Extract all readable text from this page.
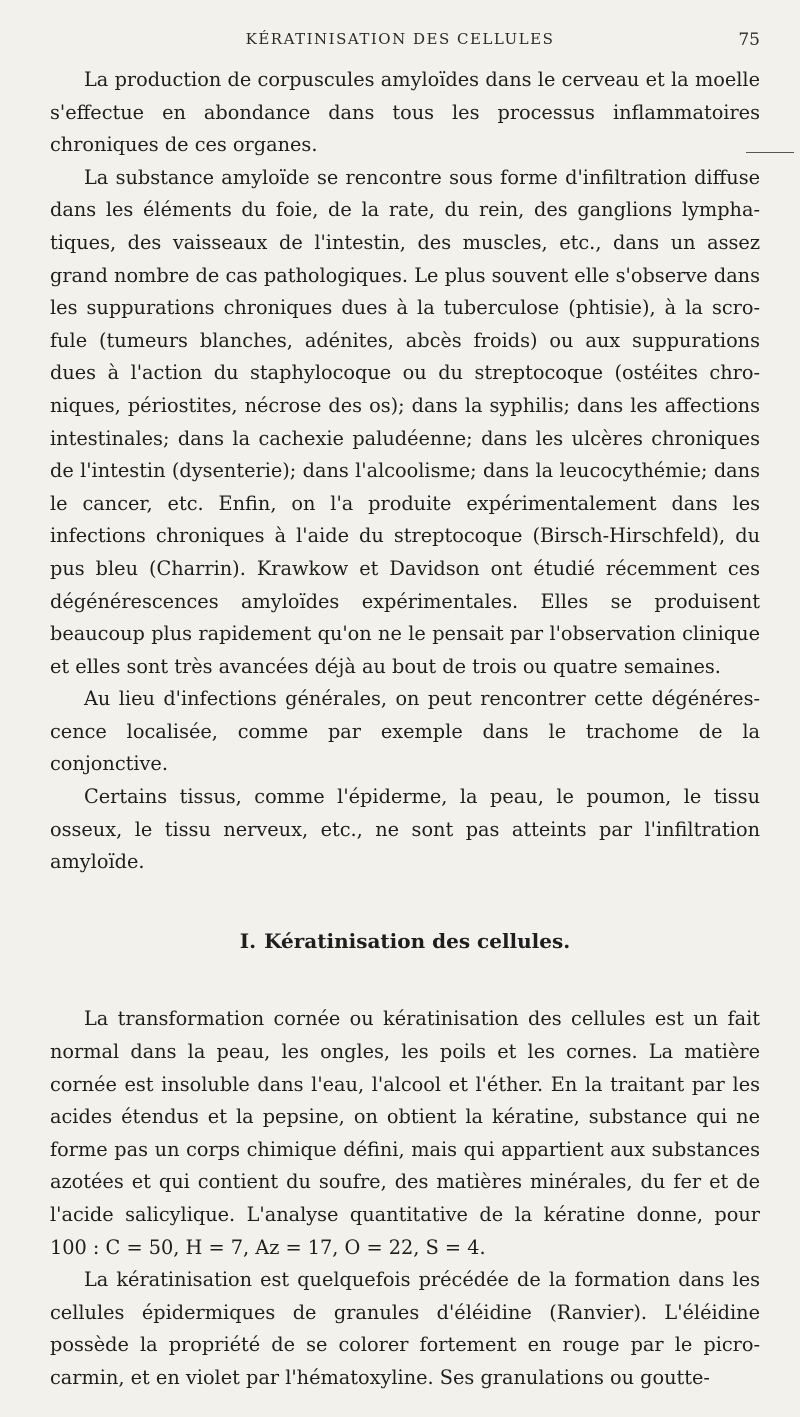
KÉRATINISATION DES CELLULES	75

La production de corpuscules amyloïdes dans le cerveau et la moelle s'effectue en abondance dans tous les processus inflammatoires chroniques de ces organes.

La substance amyloïde se rencontre sous forme d'infiltration diffuse dans les éléments du foie, de la rate, du rein, des ganglions lymphatiques, des vaisseaux de l'intestin, des muscles, etc., dans un assez grand nombre de cas pathologiques. Le plus souvent elle s'observe dans les suppurations chroniques dues à la tuberculose (phtisie), à la scrofule (tumeurs blanches, adénites, abcès froids) ou aux suppurations dues à l'action du staphylocoque ou du streptocoque (ostéites chroniques, périostites, nécrose des os); dans la syphilis; dans les affections intestinales; dans la cachexie paludéenne; dans les ulcères chroniques de l'intestin (dysenterie); dans l'alcoolisme; dans la leucocythémie; dans le cancer, etc. Enfin, on l'a produite expérimentalement dans les infections chroniques à l'aide du streptocoque (Birsch-Hirschfeld), du pus bleu (Charrin). Krawkow et Davidson ont étudié récemment ces dégénérescences amyloïdes expérimentales. Elles se produisent beaucoup plus rapidement qu'on ne le pensait par l'observation clinique et elles sont très avancées déjà au bout de trois ou quatre semaines.

Au lieu d'infections générales, on peut rencontrer cette dégénérescence localisée, comme par exemple dans le trachome de la conjonctive.

Certains tissus, comme l'épiderme, la peau, le poumon, le tissu osseux, le tissu nerveux, etc., ne sont pas atteints par l'infiltration amyloïde.

I. Kératinisation des cellules.

La transformation cornée ou kératinisation des cellules est un fait normal dans la peau, les ongles, les poils et les cornes. La matière cornée est insoluble dans l'eau, l'alcool et l'éther. En la traitant par les acides étendus et la pepsine, on obtient la kératine, substance qui ne forme pas un corps chimique défini, mais qui appartient aux substances azotées et qui contient du soufre, des matières minérales, du fer et de l'acide salicylique. L'analyse quantitative de la kératine donne, pour 100 : C = 50, H = 7, Az = 17, O = 22, S = 4.

La kératinisation est quelquefois précédée de la formation dans les cellules épidermiques de granules d'éléidine (Ranvier). L'éléidine possède la propriété de se colorer fortement en rouge par le picrocarmin, et en violet par l'hématoxyline. Ses granulations ou goutte-
